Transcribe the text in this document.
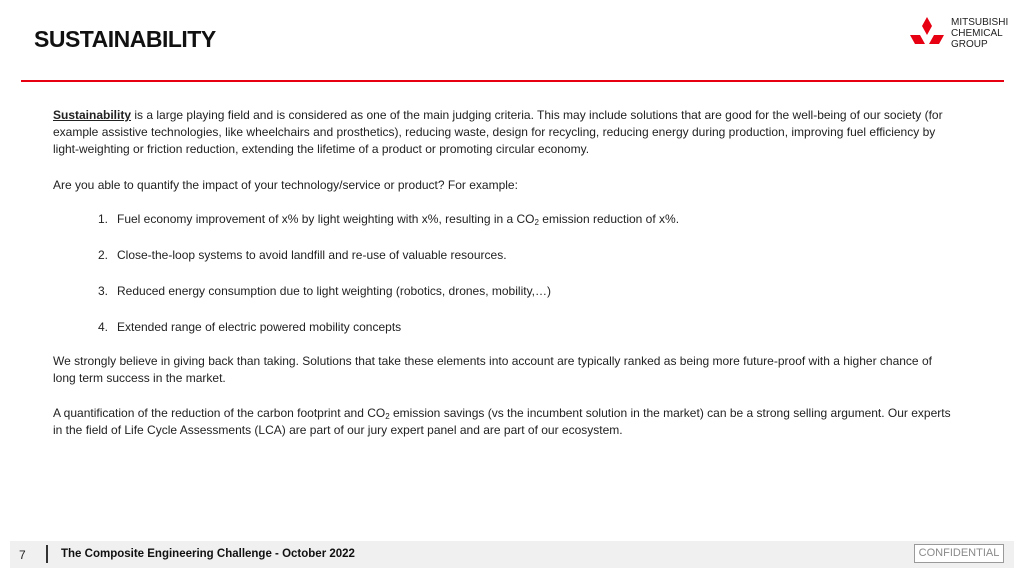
SUSTAINABILITY
MITSUBISHI
CHEMICAL
GROUP

Sustainability is a large playing field and is considered as one of the main judging criteria. This may include solutions that are good for the well-being of our society (for example assistive technologies, like wheelchairs and prosthetics), reducing waste, design for recycling, reducing energy during production, improving fuel efficiency by light-weighting or friction reduction, extending the lifetime of a product or promoting circular economy.

Are you able to quantify the impact of your technology/service or product? For example:

1. Fuel economy improvement of x% by light weighting with x%, resulting in a $CO_2$ emission reduction of x%.
2. Close-the-loop systems to avoid landfill and re-use of valuable resources.
3. Reduced energy consumption due to light weighting (robotics, drones, mobility,…)
4. Extended range of electric powered mobility concepts

We strongly believe in giving back than taking. Solutions that take these elements into account are typically ranked as being more future-proof with a higher chance of long term success in the market.

A quantification of the reduction of the carbon footprint and $CO_2$ emission savings (vs the incumbent solution in the market) can be a strong selling argument. Our experts in the field of Life Cycle Assessments (LCA) are part of our jury expert panel and are part of our ecosystem.

7	The Composite Engineering Challenge - October 2022	CONFIDENTIAL
